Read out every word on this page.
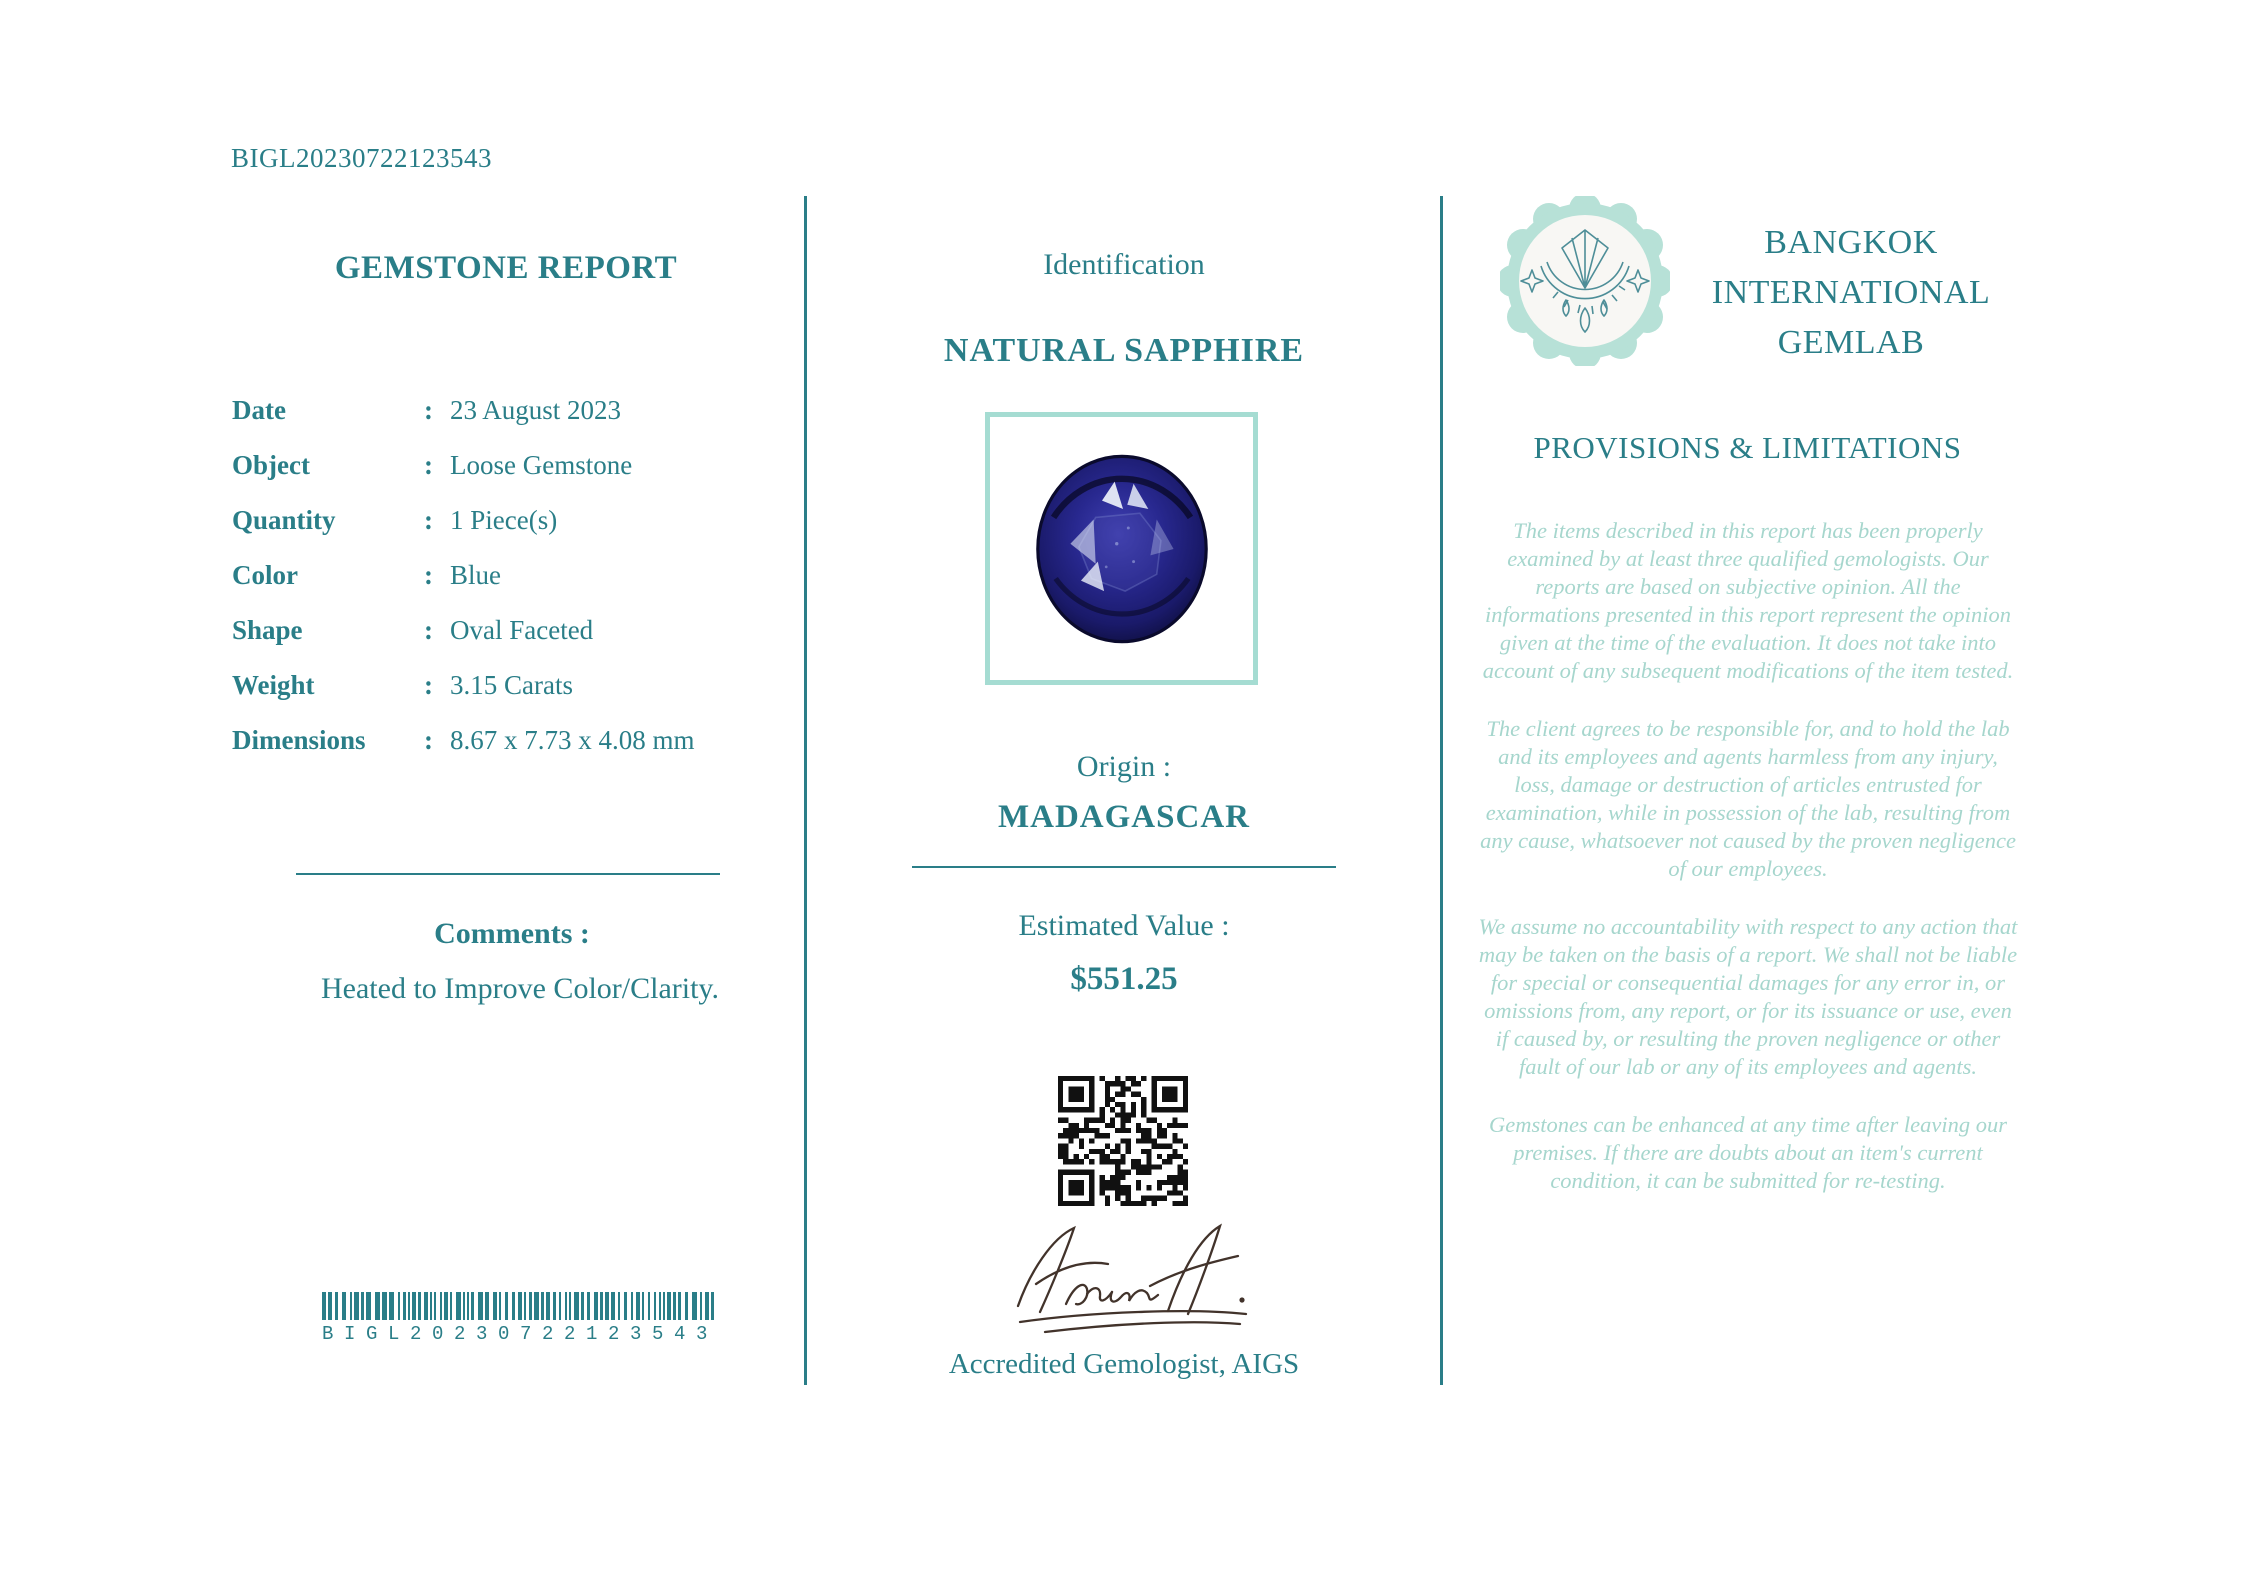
BIGL20230722123543
GEMSTONE REPORT
Date	: 23 August 2023
Object	: Loose Gemstone
Quantity	: 1 Piece(s)
Color	: Blue
Shape	: Oval Faceted
Weight	: 3.15 Carats
Dimensions	: 8.67 x 7.73 x 4.08 mm
Comments :
Heated to Improve Color/Clarity.
BIGL20230722123543
Identification
NATURAL SAPPHIRE
Origin :
MADAGASCAR
Estimated Value :
$551.25
Accredited Gemologist, AIGS
BANGKOK INTERNATIONAL GEMLAB
PROVISIONS & LIMITATIONS

The items described in this report has been properly examined by at least three qualified gemologists. Our reports are based on subjective opinion. All the informations presented in this report represent the opinion given at the time of the evaluation. It does not take into account of any subsequent modifications of the item tested.

The client agrees to be responsible for, and to hold the lab and its employees and agents harmless from any injury, loss, damage or destruction of articles entrusted for examination, while in possession of the lab, resulting from any cause, whatsoever not caused by the proven negligence of our employees.

We assume no accountability with respect to any action that may be taken on the basis of a report. We shall not be liable for special or consequential damages for any error in, or omissions from, any report, or for its issuance or use, even if caused by, or resulting the proven negligence or other fault of our lab or any of its employees and agents.

Gemstones can be enhanced at any time after leaving our premises. If there are doubts about an item's current condition, it can be submitted for re-testing.
